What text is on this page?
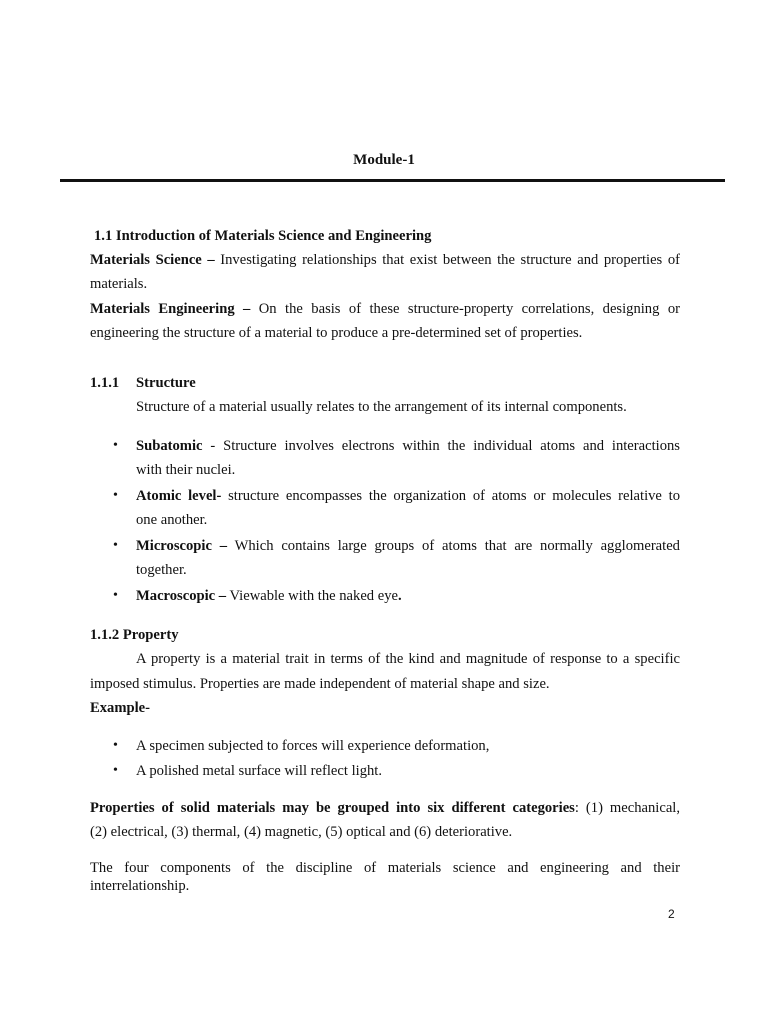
Module-1
1.1 Introduction of Materials Science and Engineering
Materials Science – Investigating relationships that exist between the structure and properties of
materials.
Materials Engineering – On the basis of these structure-property correlations, designing or
engineering the structure of a material to produce a pre-determined set of properties.
1.1.1 Structure
Structure of a material usually relates to the arrangement of its internal components.
• Subatomic - Structure involves electrons within the individual atoms and interactions
with their nuclei.
• Atomic level- structure encompasses the organization of atoms or molecules relative to
one another.
• Microscopic – Which contains large groups of atoms that are normally agglomerated
together.
• Macroscopic – Viewable with the naked eye.
1.1.2 Property
A property is a material trait in terms of the kind and magnitude of response to a specific
imposed stimulus. Properties are made independent of material shape and size.
Example-
• A specimen subjected to forces will experience deformation,
• A polished metal surface will reflect light.
Properties of solid materials may be grouped into six different categories: (1) mechanical,
(2) electrical, (3) thermal, (4) magnetic, (5) optical and (6) deteriorative.
The four components of the discipline of materials science and engineering and their
interrelationship.
2
